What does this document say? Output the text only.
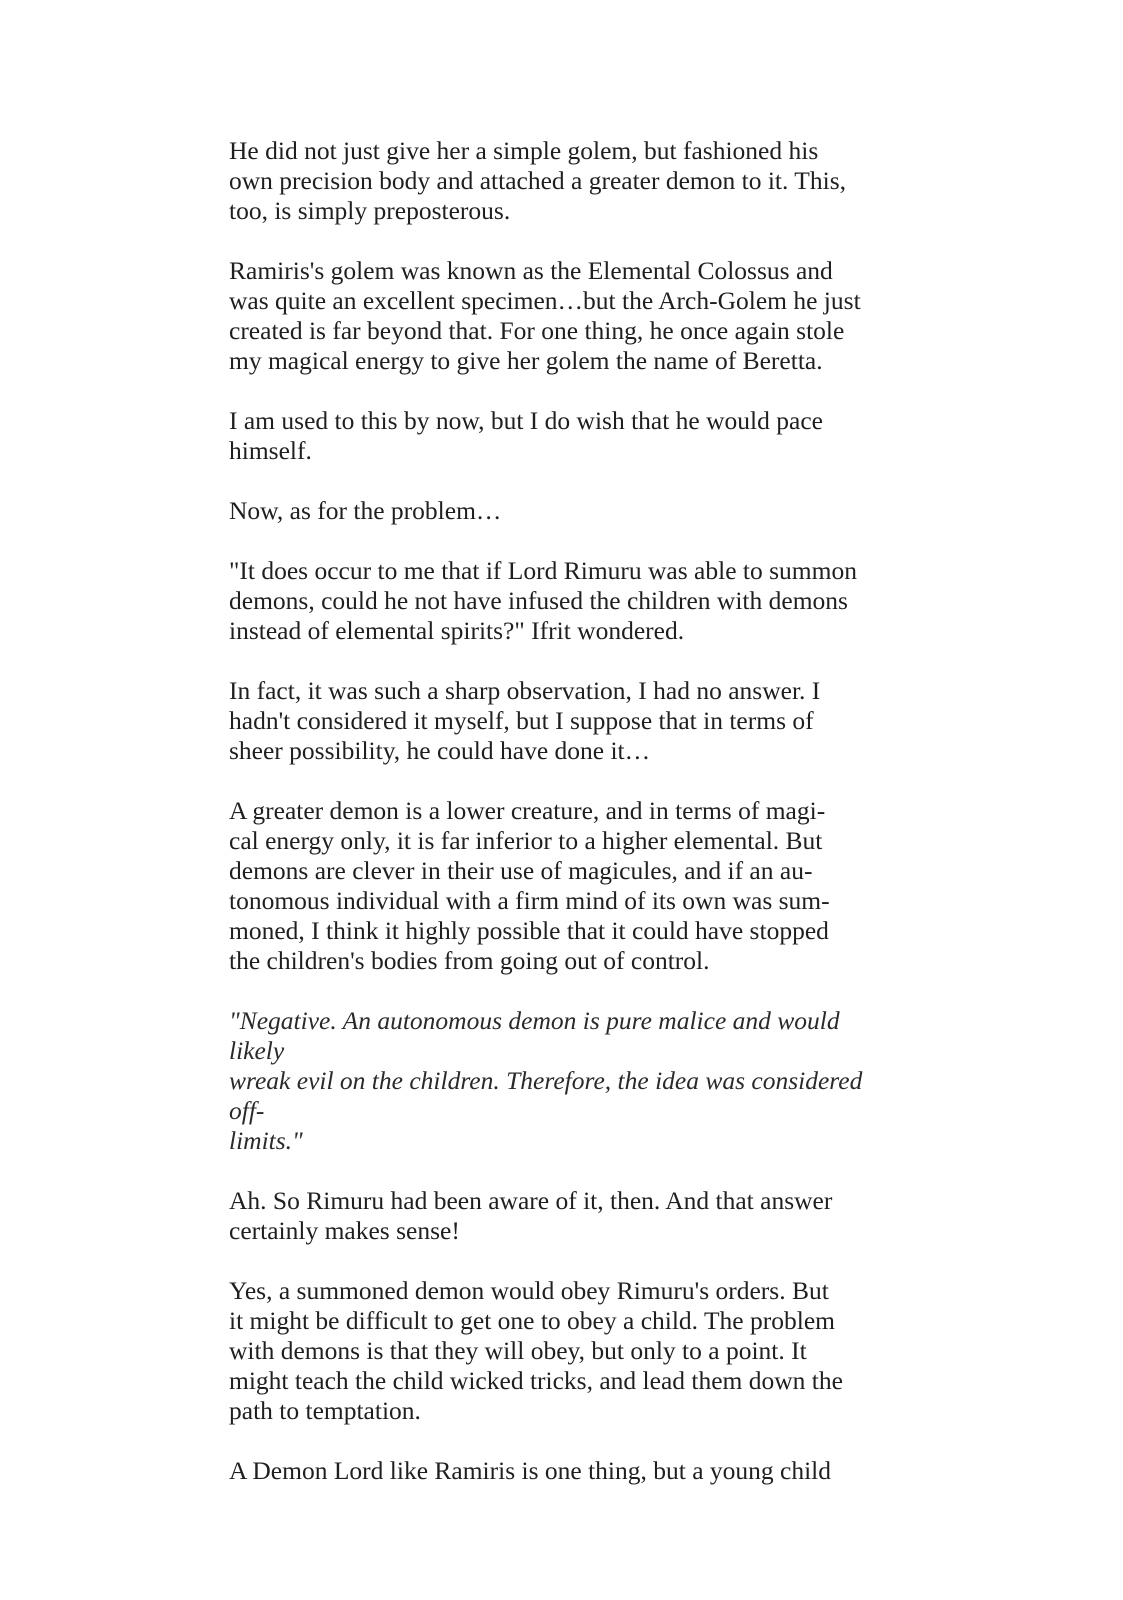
He did not just give her a simple golem, but fashioned his
own precision body and attached a greater demon to it. This,
too, is simply preposterous.

Ramiris's golem was known as the Elemental Colossus and
was quite an excellent specimen…but the Arch-Golem he just
created is far beyond that. For one thing, he once again stole
my magical energy to give her golem the name of Beretta.

I am used to this by now, but I do wish that he would pace
himself.

Now, as for the problem…

"It does occur to me that if Lord Rimuru was able to summon
demons, could he not have infused the children with demons
instead of elemental spirits?" Ifrit wondered.

In fact, it was such a sharp observation, I had no answer. I
hadn't considered it myself, but I suppose that in terms of
sheer possibility, he could have done it…

A greater demon is a lower creature, and in terms of magi-
cal energy only, it is far inferior to a higher elemental. But
demons are clever in their use of magicules, and if an au-
tonomous individual with a firm mind of its own was sum-
moned, I think it highly possible that it could have stopped
the children's bodies from going out of control.

"Negative. An autonomous demon is pure malice and would likely
wreak evil on the children. Therefore, the idea was considered off-
limits."

Ah. So Rimuru had been aware of it, then. And that answer
certainly makes sense!

Yes, a summoned demon would obey Rimuru's orders. But
it might be difficult to get one to obey a child. The problem
with demons is that they will obey, but only to a point. It
might teach the child wicked tricks, and lead them down the
path to temptation.

A Demon Lord like Ramiris is one thing, but a young child
